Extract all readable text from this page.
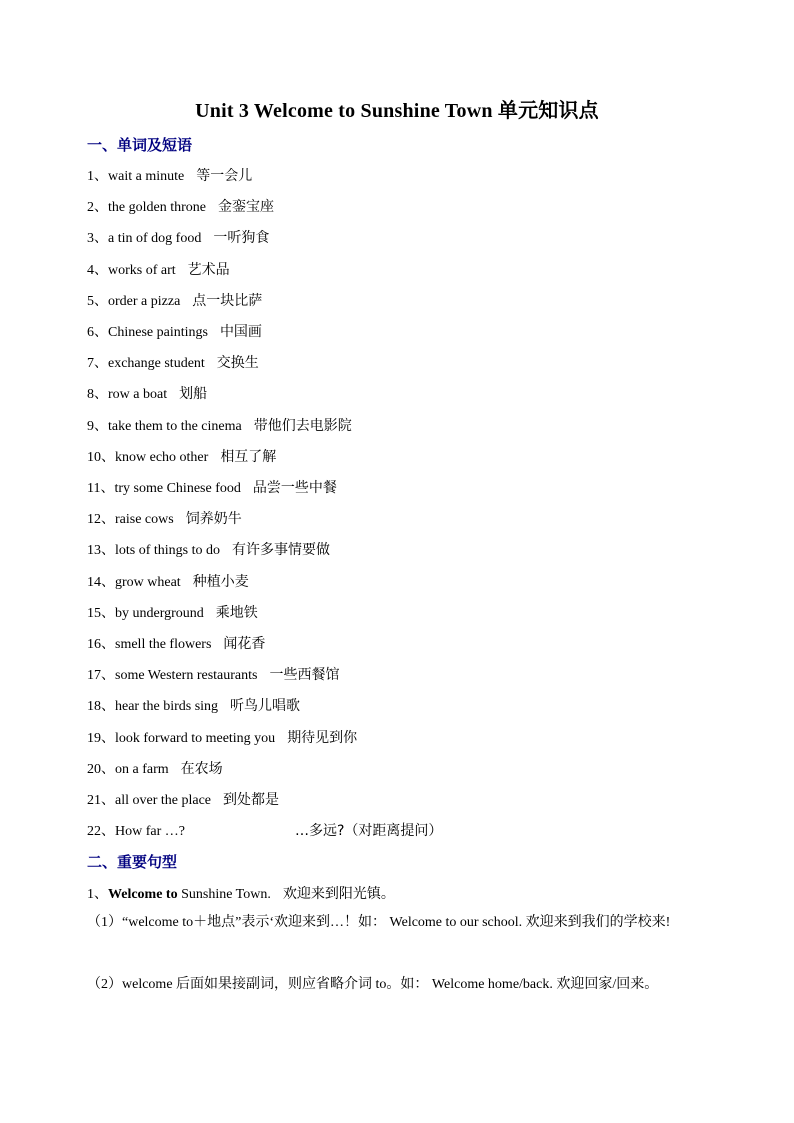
Unit 3 Welcome to Sunshine Town 单元知识点
一、单词及短语
1、wait a minute 等一会儿
2、the golden throne 金銮宝座
3、a tin of dog food 一听狗食
4、works of art 艺术品
5、order a pizza 点一块比萨
6、Chinese paintings 中国画
7、exchange student 交换生
8、row a boat 划船
9、take them to the cinema 带他们去电影院
10、know echo other 相互了解
11、try some Chinese food 品尝一些中餐
12、raise cows 饲养奶牛
13、lots of things to do 有许多事情要做
14、grow wheat 种植小麦
15、by underground 乘地铁
16、smell the flowers 闻花香
17、some Western restaurants 一些西餐馆
18、hear the birds sing 听鸟儿唱歌
19、look forward to meeting you 期待见到你
20、on a farm 在农场
21、all over the place 到处都是
22、How far …?	…多远?（对距离提问）
二、重要句型
1、Welcome to Sunshine Town. 欢迎来到阳光镇。
（1）“welcome to＋地点”表示‘欢迎来到…！如： Welcome to our school. 欢迎来到我们的学校来!
（2）welcome 后面如果接副词，则应省略介词 to。如： Welcome home/back. 欢迎回家/回来。
